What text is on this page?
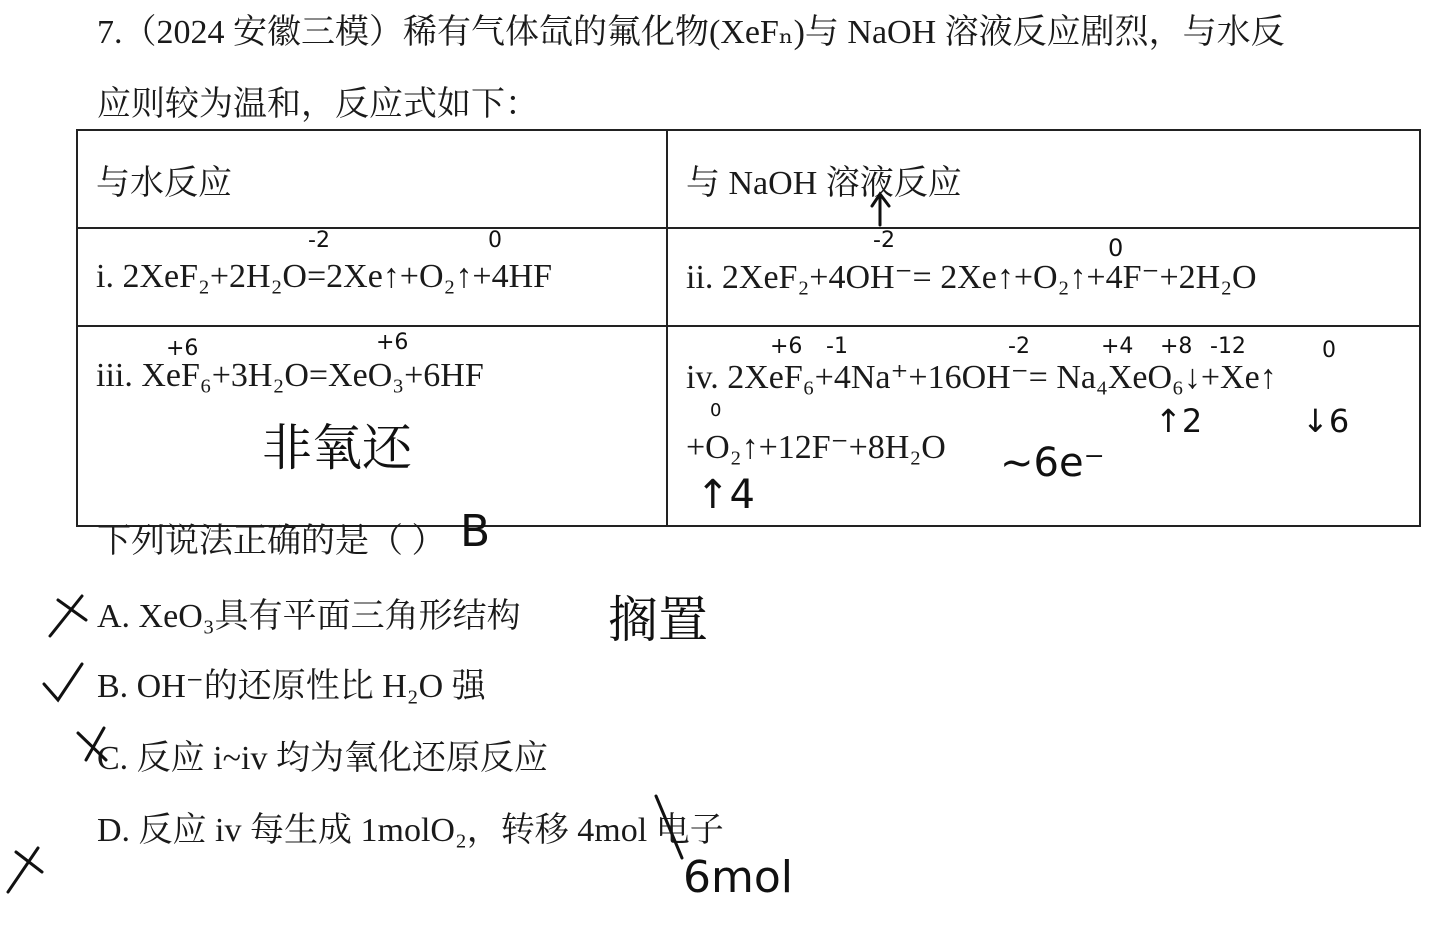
7.（2024 安徽三模）稀有气体氙的氟化物(XeFₙ)与 NaOH 溶液反应剧烈，与水反
应则较为温和，反应式如下：
与水反应	与 NaOH 溶液反应
i. 2XeF₂+2H₂O=2Xe↑+O₂↑+4HF	ii. 2XeF₂+4OH⁻= 2Xe↑+O₂↑+4F⁻+2H₂O
iii. XeF₆+3H₂O=XeO₃+6HF	iv. 2XeF₆+4Na⁺+16OH⁻= Na₄XeO₆↓+Xe↑
+O₂↑+12F⁻+8H₂O
下列说法正确的是（ ）
A. XeO₃具有平面三角形结构
B. OH⁻的还原性比 H₂O 强
C. 反应 i~iv 均为氧化还原反应
D. 反应 iv 每生成 1molO₂，转移 4mol 电子
B
-2	0	-2	0
+6	+6	+6 -1	-2	+4 +8 -12	0
0
非氧还	~6e⁻
↑2	↓6
↑4
搁置
6mol
